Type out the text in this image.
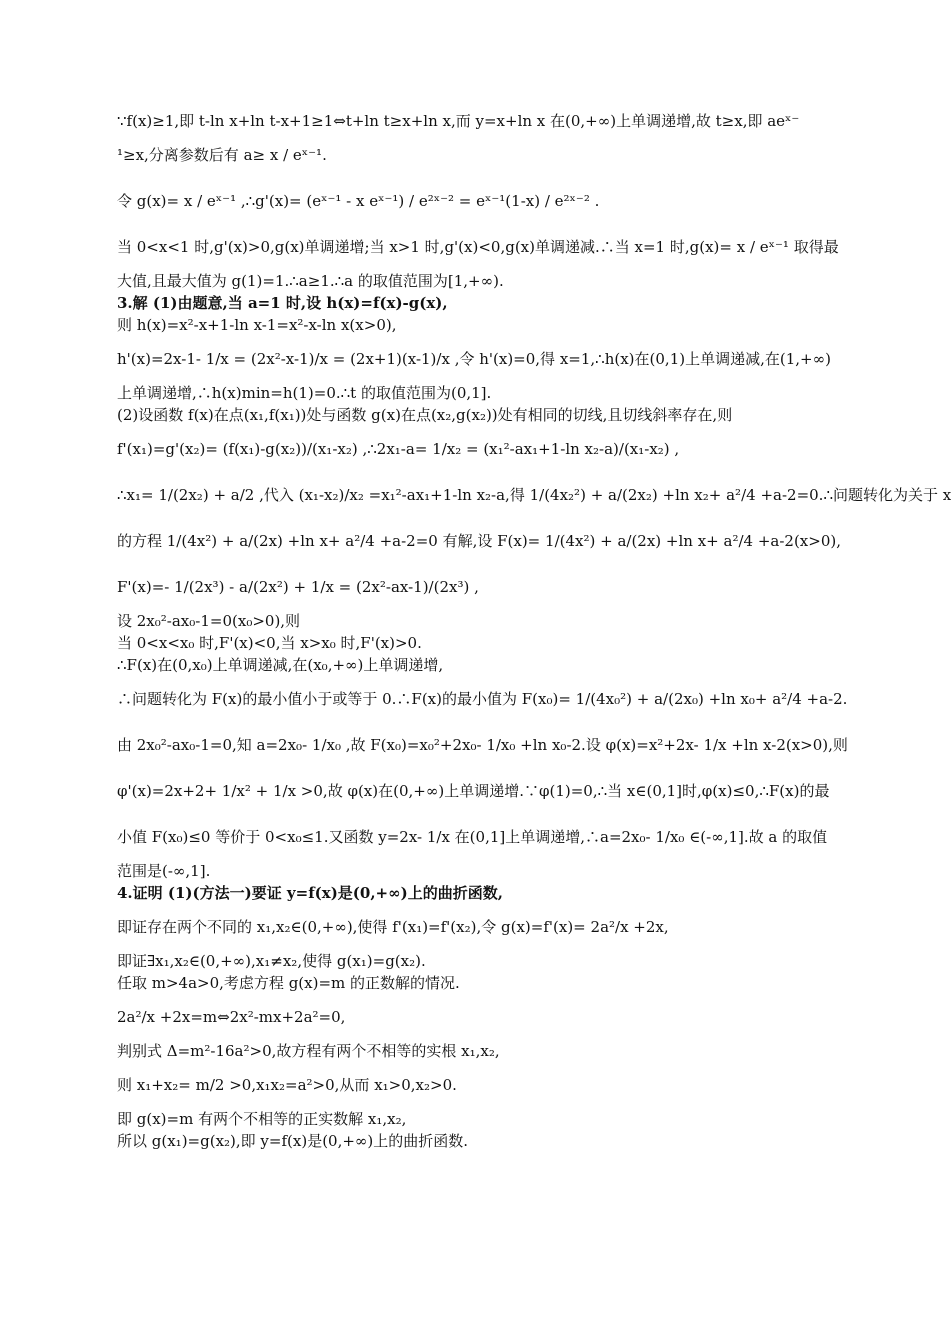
∵f(x)≥1,即 t-ln x+ln t-x+1≥1⇔t+ln t≥x+ln x,而 y=x+ln x 在(0,+∞)上单调递增,故 t≥x,即 aeˣ⁻
¹≥x,分离参数后有 a≥ x / eˣ⁻¹.
令 g(x)= x / eˣ⁻¹ ,∴g'(x)= (eˣ⁻¹ - x eˣ⁻¹) / e²ˣ⁻² = eˣ⁻¹(1-x) / e²ˣ⁻² .
当 0<x<1 时,g'(x)>0,g(x)单调递增;当 x>1 时,g'(x)<0,g(x)单调递减.∴当 x=1 时,g(x)= x / eˣ⁻¹ 取得最
大值,且最大值为 g(1)=1.∴a≥1.∴a 的取值范围为[1,+∞).
3.解 (1)由题意,当 a=1 时,设 h(x)=f(x)-g(x),
则 h(x)=x²-x+1-ln x-1=x²-x-ln x(x>0),
h'(x)=2x-1- 1/x = (2x²-x-1)/x = (2x+1)(x-1)/x ,令 h'(x)=0,得 x=1,∴h(x)在(0,1)上单调递减,在(1,+∞)
上单调递增,∴h(x)min=h(1)=0.∴t 的取值范围为(0,1].
(2)设函数 f(x)在点(x₁,f(x₁))处与函数 g(x)在点(x₂,g(x₂))处有相同的切线,且切线斜率存在,则
f'(x₁)=g'(x₂)= (f(x₁)-g(x₂))/(x₁-x₂) ,∴2x₁-a= 1/x₂ = (x₁²-ax₁+1-ln x₂-a)/(x₁-x₂) ,
∴x₁= 1/(2x₂) + a/2 ,代入 (x₁-x₂)/x₂ =x₁²-ax₁+1-ln x₂-a,得 1/(4x₂²) + a/(2x₂) +ln x₂+ a²/4 +a-2=0.∴问题转化为关于 x
的方程 1/(4x²) + a/(2x) +ln x+ a²/4 +a-2=0 有解,设 F(x)= 1/(4x²) + a/(2x) +ln x+ a²/4 +a-2(x>0),
F'(x)=- 1/(2x³) - a/(2x²) + 1/x = (2x²-ax-1)/(2x³) ,
设 2x₀²-ax₀-1=0(x₀>0),则
当 0<x<x₀ 时,F'(x)<0,当 x>x₀ 时,F'(x)>0.
∴F(x)在(0,x₀)上单调递减,在(x₀,+∞)上单调递增,
∴问题转化为 F(x)的最小值小于或等于 0.∴F(x)的最小值为 F(x₀)= 1/(4x₀²) + a/(2x₀) +ln x₀+ a²/4 +a-2.
由 2x₀²-ax₀-1=0,知 a=2x₀- 1/x₀ ,故 F(x₀)=x₀²+2x₀- 1/x₀ +ln x₀-2.设 φ(x)=x²+2x- 1/x +ln x-2(x>0),则
φ'(x)=2x+2+ 1/x² + 1/x >0,故 φ(x)在(0,+∞)上单调递增.∵φ(1)=0,∴当 x∈(0,1]时,φ(x)≤0,∴F(x)的最
小值 F(x₀)≤0 等价于 0<x₀≤1.又函数 y=2x- 1/x 在(0,1]上单调递增,∴a=2x₀- 1/x₀ ∈(-∞,1].故 a 的取值
范围是(-∞,1].
4.证明 (1)(方法一)要证 y=f(x)是(0,+∞)上的曲折函数,
即证存在两个不同的 x₁,x₂∈(0,+∞),使得 f'(x₁)=f'(x₂),令 g(x)=f'(x)= 2a²/x +2x,
即证∃x₁,x₂∈(0,+∞),x₁≠x₂,使得 g(x₁)=g(x₂).
任取 m>4a>0,考虑方程 g(x)=m 的正数解的情况.
2a²/x +2x=m⇔2x²-mx+2a²=0,
判别式 Δ=m²-16a²>0,故方程有两个不相等的实根 x₁,x₂,
则 x₁+x₂= m/2 >0,x₁x₂=a²>0,从而 x₁>0,x₂>0.
即 g(x)=m 有两个不相等的正实数解 x₁,x₂,
所以 g(x₁)=g(x₂),即 y=f(x)是(0,+∞)上的曲折函数.
